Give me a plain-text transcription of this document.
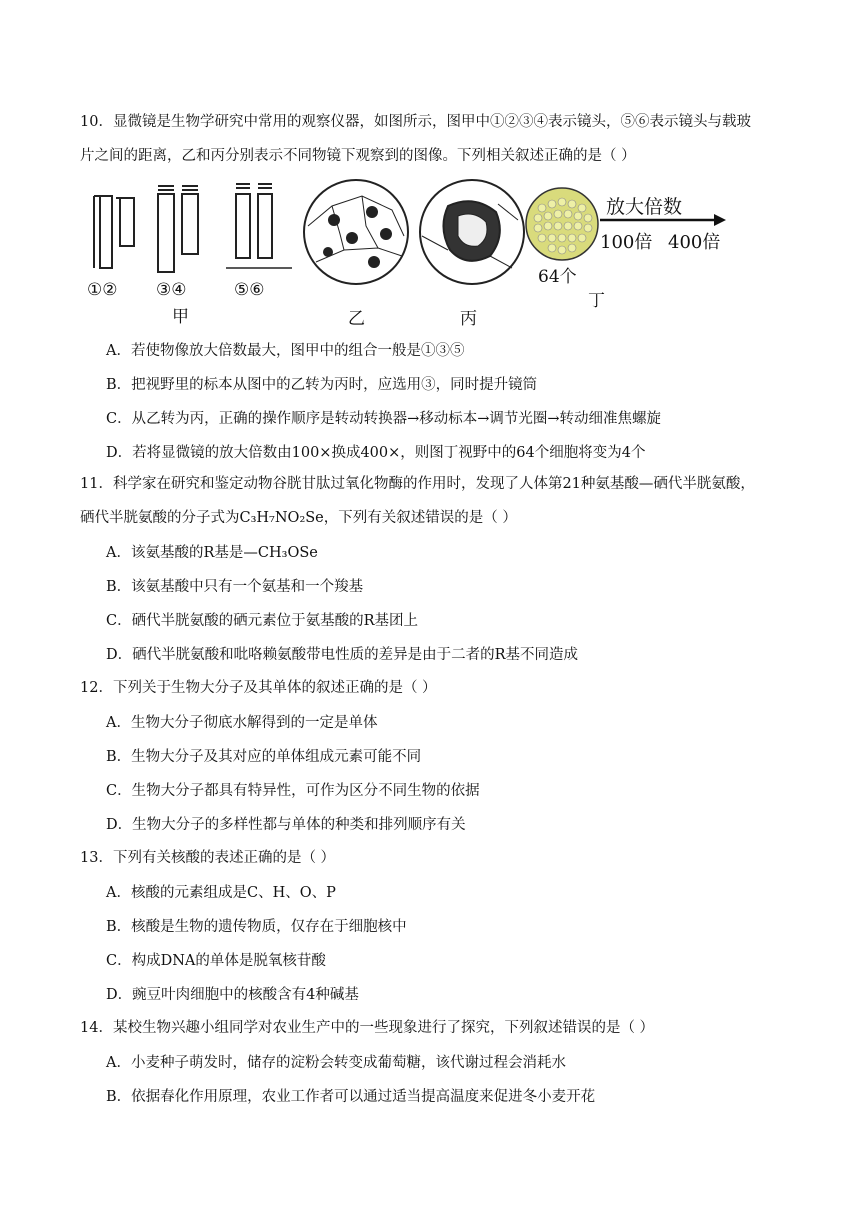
10．显微镜是生物学研究中常用的观察仪器，如图所示，图甲中①②③④表示镜头，⑤⑥表示镜头与载玻

片之间的距离，乙和丙分别表示不同物镜下观察到的图像。下列相关叙述正确的是（ ）

①② ③④	⑤⑥
甲	乙	丙
64个
丁
放大倍数
100倍 400倍

A．若使物像放大倍数最大，图甲中的组合一般是①③⑤

B．把视野里的标本从图中的乙转为丙时，应选用③，同时提升镜筒

C．从乙转为丙，正确的操作顺序是转动转换器→移动标本→调节光圈→转动细准焦螺旋

D．若将显微镜的放大倍数由100×换成400×，则图丁视野中的64个细胞将变为4个

11．科学家在研究和鉴定动物谷胱甘肽过氧化物酶的作用时，发现了人体第21种氨基酸—硒代半胱氨酸，

硒代半胱氨酸的分子式为C₃H₇NO₂Se，下列有关叙述错误的是（ ）

A．该氨基酸的R基是—CH₃OSe

B．该氨基酸中只有一个氨基和一个羧基

C．硒代半胱氨酸的硒元素位于氨基酸的R基团上

D．硒代半胱氨酸和吡咯赖氨酸带电性质的差异是由于二者的R基不同造成

12．下列关于生物大分子及其单体的叙述正确的是（ ）

A．生物大分子彻底水解得到的一定是单体

B．生物大分子及其对应的单体组成元素可能不同

C．生物大分子都具有特异性，可作为区分不同生物的依据

D．生物大分子的多样性都与单体的种类和排列顺序有关

13．下列有关核酸的表述正确的是（ ）

A．核酸的元素组成是C、H、O、P

B．核酸是生物的遗传物质，仅存在于细胞核中

C．构成DNA的单体是脱氧核苷酸

D．豌豆叶肉细胞中的核酸含有4种碱基

14．某校生物兴趣小组同学对农业生产中的一些现象进行了探究，下列叙述错误的是（ ）

A．小麦种子萌发时，储存的淀粉会转变成葡萄糖，该代谢过程会消耗水

B．依据春化作用原理，农业工作者可以通过适当提高温度来促进冬小麦开花
